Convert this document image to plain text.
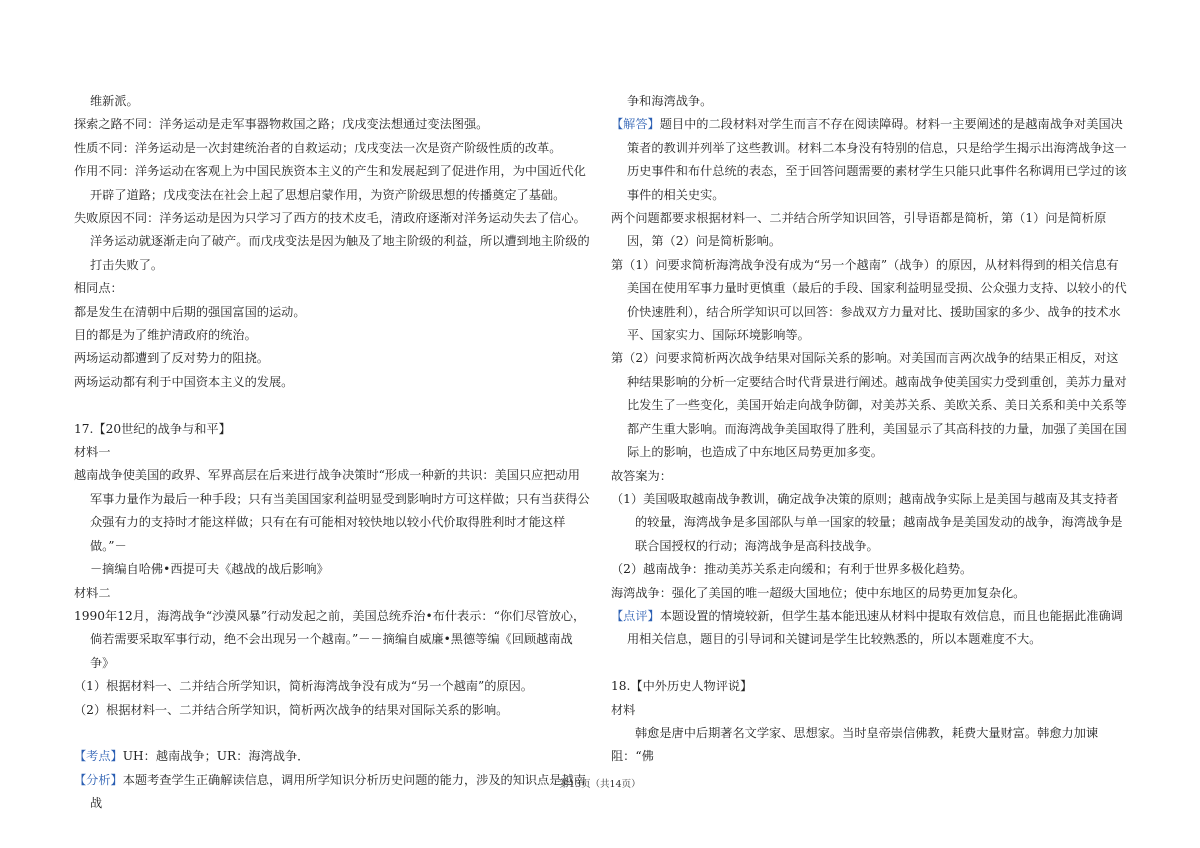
维新派。

探索之路不同：洋务运动是走军事器物救国之路；戊戌变法想通过变法图强。

性质不同：洋务运动是一次封建统治者的自救运动；戊戌变法一次是资产阶级性质的改革。

作用不同：洋务运动在客观上为中国民族资本主义的产生和发展起到了促进作用，为中国近代化开辟了道路；戊戌变法在社会上起了思想启蒙作用，为资产阶级思想的传播奠定了基础。

失败原因不同：洋务运动是因为只学习了西方的技术皮毛，清政府逐渐对洋务运动失去了信心。洋务运动就逐渐走向了破产。而戊戌变法是因为触及了地主阶级的利益，所以遭到地主阶级的打击失败了。

相同点：

都是发生在清朝中后期的强国富国的运动。

目的都是为了维护清政府的统治。

两场运动都遭到了反对势力的阻挠。

两场运动都有利于中国资本主义的发展。

17.【20世纪的战争与和平】

材料一

越南战争使美国的政界、军界高层在后来进行战争决策时“形成一种新的共识：美国只应把动用军事力量作为最后一种手段；只有当美国国家利益明显受到影响时方可这样做；只有当获得公众强有力的支持时才能这样做；只有在有可能相对较快地以较小代价取得胜利时才能这样做。”－

－摘编自哈佛•西提可夫《越战的战后影响》

材料二

1990年12月，海湾战争“沙漠风暴”行动发起之前，美国总统乔治•布什表示：“你们尽管放心，倘若需要采取军事行动，绝不会出现另一个越南。”－－摘编自威廉•黑德等编《回顾越南战争》

（1）根据材料一、二并结合所学知识，简析海湾战争没有成为“另一个越南”的原因。

（2）根据材料一、二并结合所学知识，简析两次战争的结果对国际关系的影响。

【考点】UH：越南战争；UR：海湾战争．

【分析】本题考查学生正确解读信息，调用所学知识分析历史问题的能力，涉及的知识点是越南战

争和海湾战争。

【解答】题目中的二段材料对学生而言不存在阅读障碍。材料一主要阐述的是越南战争对美国决策者的教训并列举了这些教训。材料二本身没有特别的信息，只是给学生揭示出海湾战争这一历史事件和布什总统的表态，至于回答问题需要的素材学生只能只此事件名称调用已学过的该事件的相关史实。

两个问题都要求根据材料一、二并结合所学知识回答，引导语都是简析，第（1）问是简析原因，第（2）问是简析影响。

第（1）问要求简析海湾战争没有成为“另一个越南”（战争）的原因，从材料得到的相关信息有美国在使用军事力量时更慎重（最后的手段、国家利益明显受损、公众强力支持、以较小的代价快速胜利），结合所学知识可以回答：参战双方力量对比、援助国家的多少、战争的技术水平、国家实力、国际环境影响等。

第（2）问要求简析两次战争结果对国际关系的影响。对美国而言两次战争的结果正相反，对这种结果影响的分析一定要结合时代背景进行阐述。越南战争使美国实力受到重创，美苏力量对比发生了一些变化，美国开始走向战争防御，对美苏关系、美欧关系、美日关系和美中关系等都产生重大影响。而海湾战争美国取得了胜利，美国显示了其高科技的力量，加强了美国在国际上的影响，也造成了中东地区局势更加多变。

故答案为：

（1）美国吸取越南战争教训，确定战争决策的原则；越南战争实际上是美国与越南及其支持者的较量，海湾战争是多国部队与单一国家的较量；越南战争是美国发动的战争，海湾战争是联合国授权的行动；海湾战争是高科技战争。

（2）越南战争：推动美苏关系走向缓和；有利于世界多极化趋势。

海湾战争：强化了美国的唯一超级大国地位；使中东地区的局势更加复杂化。

【点评】本题设置的情境较新，但学生基本能迅速从材料中提取有效信息，而且也能据此准确调用相关信息，题目的引导词和关键词是学生比较熟悉的，所以本题难度不大。

18.【中外历史人物评说】

材料

韩愈是唐中后期著名文学家、思想家。当时皇帝崇信佛教，耗费大量财富。韩愈力加谏阻：“佛

第13页（共14页）
